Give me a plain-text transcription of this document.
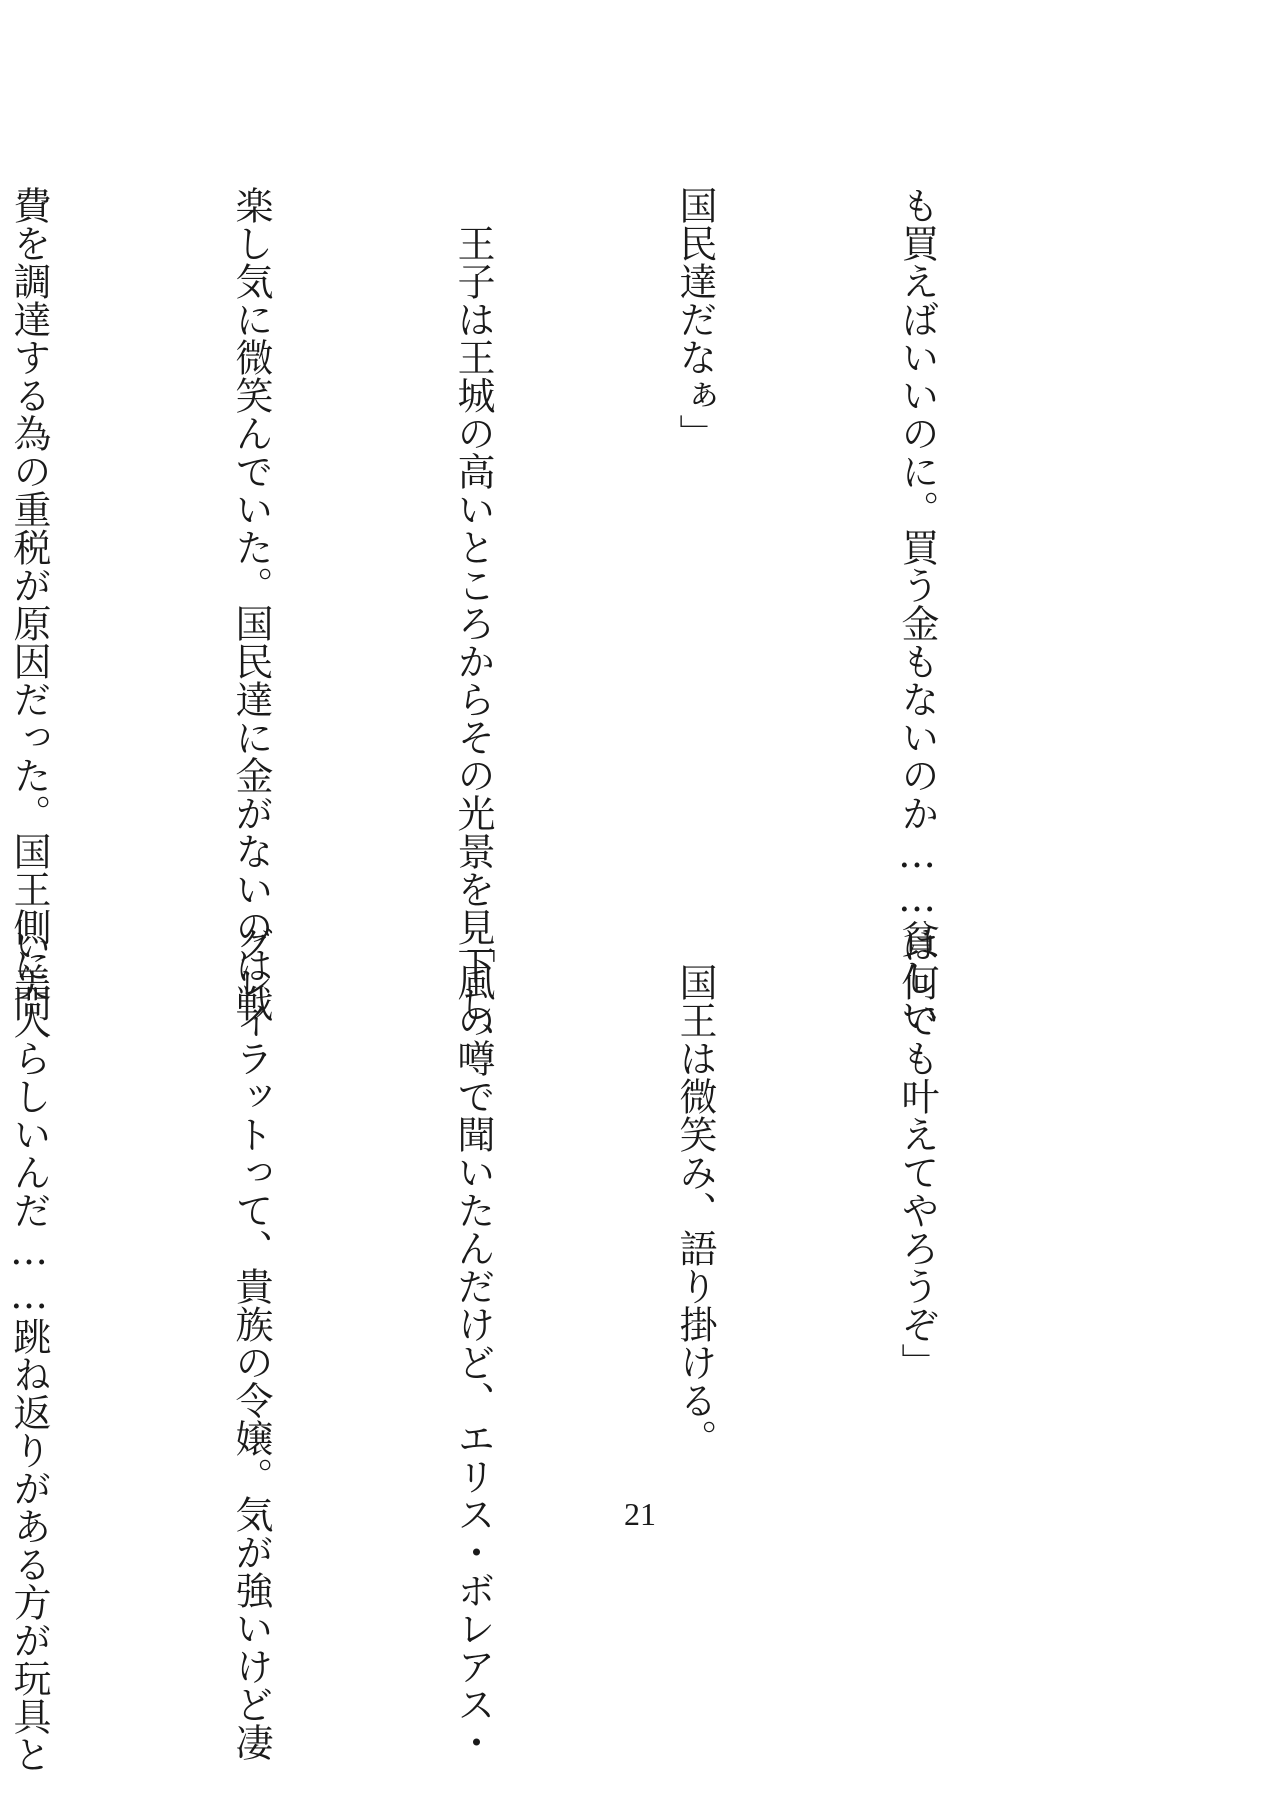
も買えばいいのに。買う金もないのか……貧しい

国民達だなぁ」

　王子は王城の高いところからその光景を見下し、

楽し気に微笑んでいた。国民達に金がないのは戦

費を調達する為の重税が原因だった。国王側に問

は何でも叶えてやろうぞ」

　国王は微笑み、語り掛ける。

「風の噂で聞いたんだけど、エリス・ボレアス・

グレイラットって、貴族の令嬢。気が強いけど凄

い美人らしいんだ……跳ね返りがある方が玩具と

	21
